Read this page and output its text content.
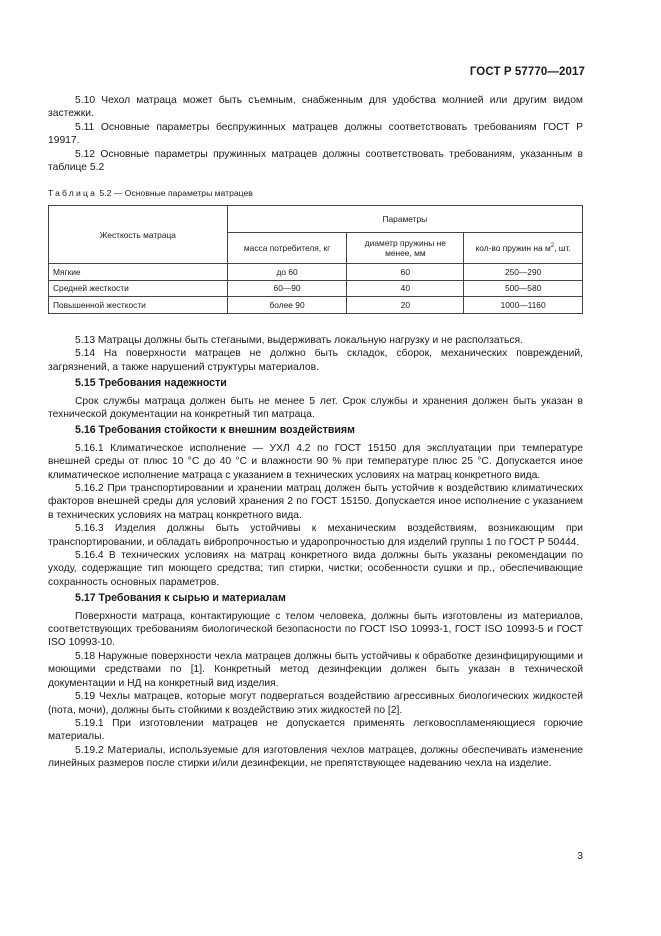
ГОСТ Р 57770—2017

5.10 Чехол матраца может быть съемным, снабженным для удобства молнией или другим видом застежки.

5.11 Основные параметры беспружинных матрацев должны соответствовать требованиям ГОСТ Р 19917.

5.12 Основные параметры пружинных матрацев должны соответствовать требованиям, указанным в таблице 5.2

Таблица 5.2 — Основные параметры матрацев
Жесткость матраца	Параметры		
	масса потребителя, кг	диаметр пружины не менее, мм	кол-во пружин на $м^2$, шт.
Мягкие	до 60	60	250—290
Средней жесткости	60—90	40	500—580
Повышенной жесткости	более 90	20	1000—1160

5.13 Матрацы должны быть стегаными, выдерживать локальную нагрузку и не расползаться.

5.14 На поверхности матрацев не должно быть складок, сборок, механических повреждений, загрязнений, а также нарушений структуры материалов.

5.15 Требования надежности

Срок службы матраца должен быть не менее 5 лет. Срок службы и хранения должен быть указан в технической документации на конкретный тип матраца.

5.16 Требования стойкости к внешним воздействиям

5.16.1 Климатическое исполнение — УХЛ 4.2 по ГОСТ 15150 для эксплуатации при температуре внешней среды от плюс 10 °С до 40 °С и влажности 90 % при температуре плюс 25 °С. Допускается иное климатическое исполнение матраца с указанием в технических условиях на матрац конкретного вида.

5.16.2 При транспортировании и хранении матрац должен быть устойчив к воздействию климатических факторов внешней среды для условий хранения 2 по ГОСТ 15150. Допускается иное исполнение с указанием в технических условиях на матрац конкретного вида.

5.16.3 Изделия должны быть устойчивы к механическим воздействиям, возникающим при транспортировании, и обладать вибропрочностью и ударопрочностью для изделий группы 1 по ГОСТ Р 50444.

5.16.4 В технических условиях на матрац конкретного вида должны быть указаны рекомендации по уходу, содержащие тип моющего средства; тип стирки, чистки; особенности сушки и пр., обеспечивающие сохранность основных параметров.

5.17 Требования к сырью и материалам

Поверхности матраца, контактирующие с телом человека, должны быть изготовлены из материалов, соответствующих требованиям биологической безопасности по ГОСТ ISO 10993-1, ГОСТ ISO 10993-5 и ГОСТ ISO 10993-10.

5.18 Наружные поверхности чехла матрацев должны быть устойчивы к обработке дезинфицирующими и моющими средствами по [1]. Конкретный метод дезинфекции должен быть указан в технической документации и НД на конкретный вид изделия.

5.19 Чехлы матрацев, которые могут подвергаться воздействию агрессивных биологических жидкостей (пота, мочи), должны быть стойкими к воздействию этих жидкостей по [2].

5.19.1 При изготовлении матрацев не допускается применять легковоспламеняющиеся горючие материалы.

5.19.2 Материалы, используемые для изготовления чехлов матрацев, должны обеспечивать изменение линейных размеров после стирки и/или дезинфекции, не препятствующее надеванию чехла на изделие.

3
